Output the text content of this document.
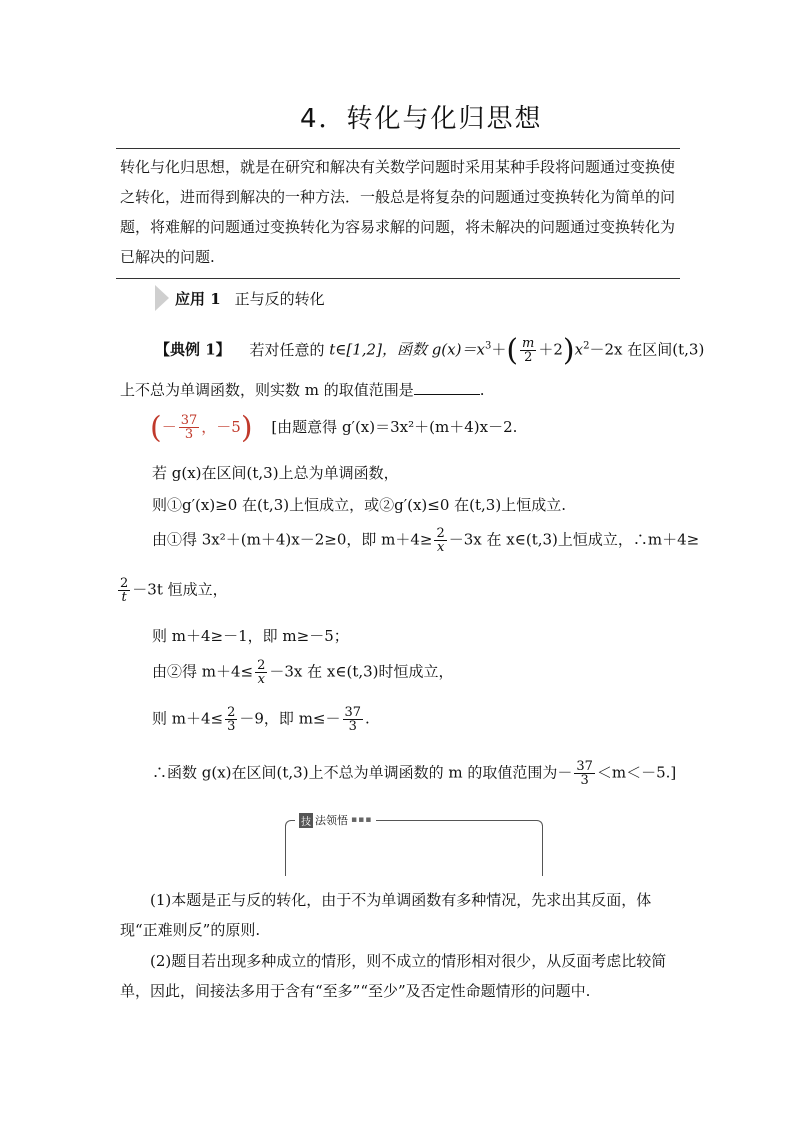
4．转化与化归思想
转化与化归思想，就是在研究和解决有关数学问题时采用某种手段将问题通过变换使之转化，进而得到解决的一种方法．一般总是将复杂的问题通过变换转化为简单的问题，将难解的问题通过变换转化为容易求解的问题，将未解决的问题通过变换转化为已解决的问题.
应用 1 正与反的转化
【典例 1】 若对任意的 t∈[1,2]，函数 $g(x)=x^3+( \frac{m}{2} +2)x^2-2x$ 在区间(t,3)
上不总为单调函数，则实数 m 的取值范围是	.
(－ $\frac{37}{3}$ ，－5) [由题意得 g′(x)＝3x²＋(m＋4)x－2.
若 g(x)在区间(t,3)上总为单调函数，
则①g′(x)≥0 在(t,3)上恒成立，或②g′(x)≤0 在(t,3)上恒成立.
由①得 3x²＋(m＋4)x－2≥0，即 $m+4\ge \frac{2}{x} -3x$ 在 x∈(t,3)上恒成立，∴m＋4≥
$\frac{2}{t} -3t$ 恒成立，
则 m＋4≥－1，即 m≥－5；
由②得 $m+4\le \frac{2}{x} -3x$ 在 x∈(t,3)时恒成立，
则 $m+4\le \frac{2}{3} -9$，即 $m\le- \frac{37}{3}$ .
∴函数 g(x)在区间(t,3)上不总为单调函数的 m 的取值范围为－ $\frac{37}{3} <m<-5$.]
技 法领悟 ▪▪▪
(1)本题是正与反的转化，由于不为单调函数有多种情况，先求出其反面，体现“正难则反”的原则.
(2)题目若出现多种成立的情形，则不成立的情形相对很少，从反面考虑比较简单，因此，间接法多用于含有“至多”“至少”及否定性命题情形的问题中.
